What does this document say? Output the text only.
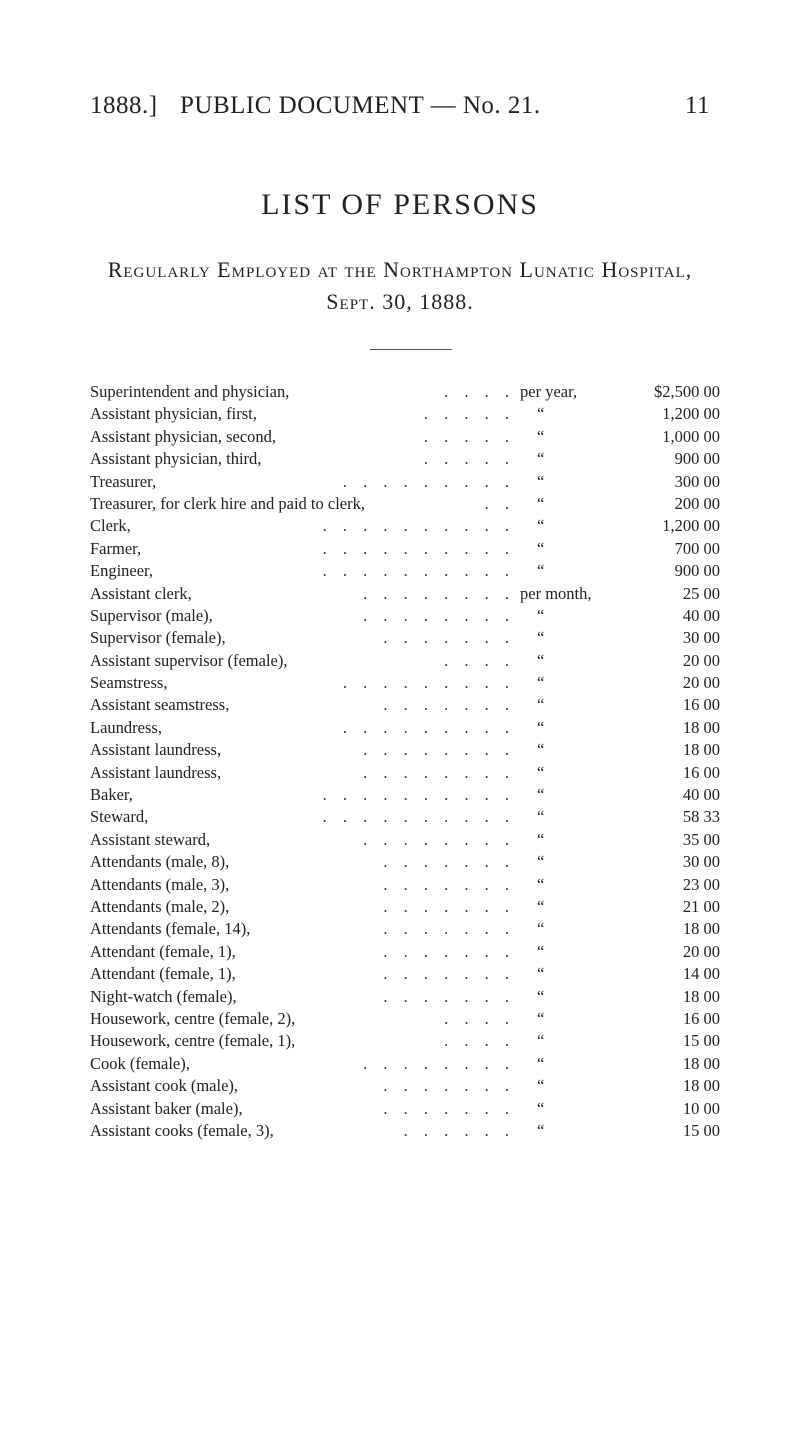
1888.] PUBLIC DOCUMENT — No. 21.	11
LIST OF PERSONS
Regularly Employed at the Northampton Lunatic Hospital,
Sept. 30, 1888.
. . . .
Superintendent and physician,	per year,	$2,500 00
. . . . .
Assistant physician, first,	“	1,200 00
. . . . .
Assistant physician, second,	“	1,000 00
. . . . .
Assistant physician, third,	“	900 00
. . . . . . . . .
Treasurer,	“	300 00
. .
Treasurer, for clerk hire and paid to clerk,	“	200 00
. . . . . . . . . .
Clerk,	“	1,200 00
. . . . . . . . . .
Farmer,	“	700 00
. . . . . . . . . .
Engineer,	“	900 00
. . . . . . . .
Assistant clerk,	per month,	25 00
. . . . . . . .
Supervisor (male),	“	40 00
. . . . . . .
Supervisor (female),	“	30 00
. . . .
Assistant supervisor (female),	“	20 00
. . . . . . . . .
Seamstress,	“	20 00
. . . . . . .
Assistant seamstress,	“	16 00
. . . . . . . . .
Laundress,	“	18 00
. . . . . . . .
Assistant laundress,	“	18 00
. . . . . . . .
Assistant laundress,	“	16 00
. . . . . . . . . .
Baker,	“	40 00
. . . . . . . . . .
Steward,	“	58 33
. . . . . . . .
Assistant steward,	“	35 00
. . . . . . .
Attendants (male, 8),	“	30 00
. . . . . . .
Attendants (male, 3),	“	23 00
. . . . . . .
Attendants (male, 2),	“	21 00
. . . . . . .
Attendants (female, 14),	“	18 00
. . . . . . .
Attendant (female, 1),	“	20 00
. . . . . . .
Attendant (female, 1),	“	14 00
. . . . . . .
Night-watch (female),	“	18 00
. . . .
Housework, centre (female, 2),	“	16 00
. . . .
Housework, centre (female, 1),	“	15 00
. . . . . . . .
Cook (female),	“	18 00
. . . . . . .
Assistant cook (male),	“	18 00
. . . . . . .
Assistant baker (male),	“	10 00
. . . . . .
Assistant cooks (female, 3),	“	15 00
